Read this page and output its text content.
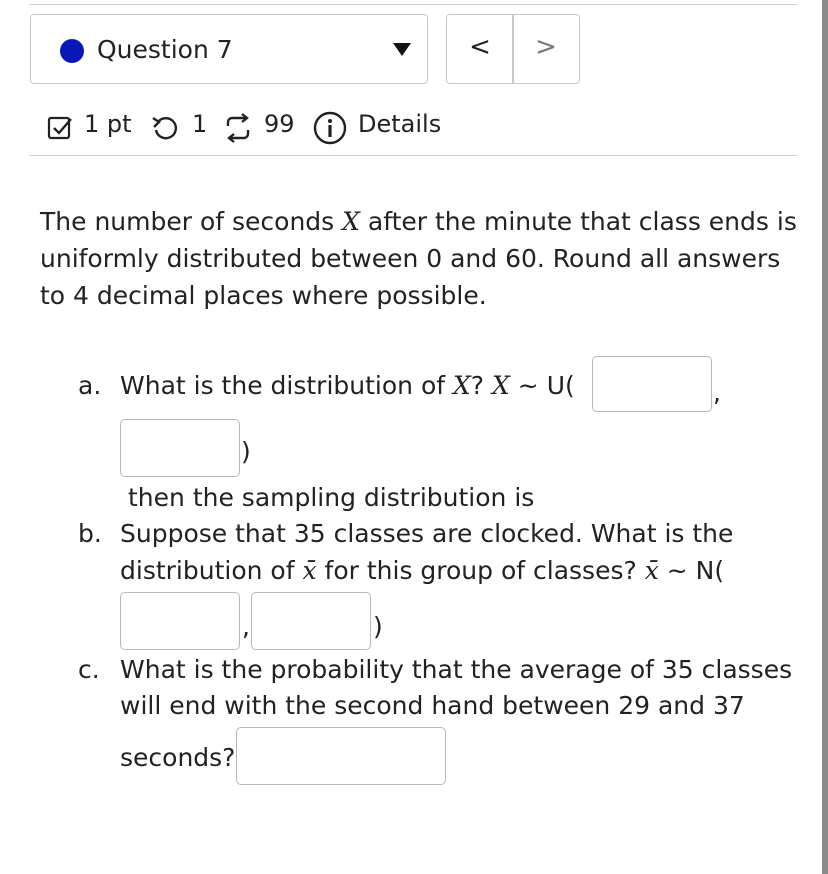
Question 7	<	>
1 pt	1 99	Details
The number of seconds X after the minute that class ends is uniformly distributed between 0 and 60. Round all answers to 4 decimal places where possible.
a. What is the distribution of X? X ~ U(	,
)
then the sampling distribution is
b. Suppose that 35 classes are clocked. What is the
distribution of x̄ for this group of classes? x̄ ~ N(
,	)
c. What is the probability that the average of 35 classes
will end with the second hand between 29 and 37
seconds?
